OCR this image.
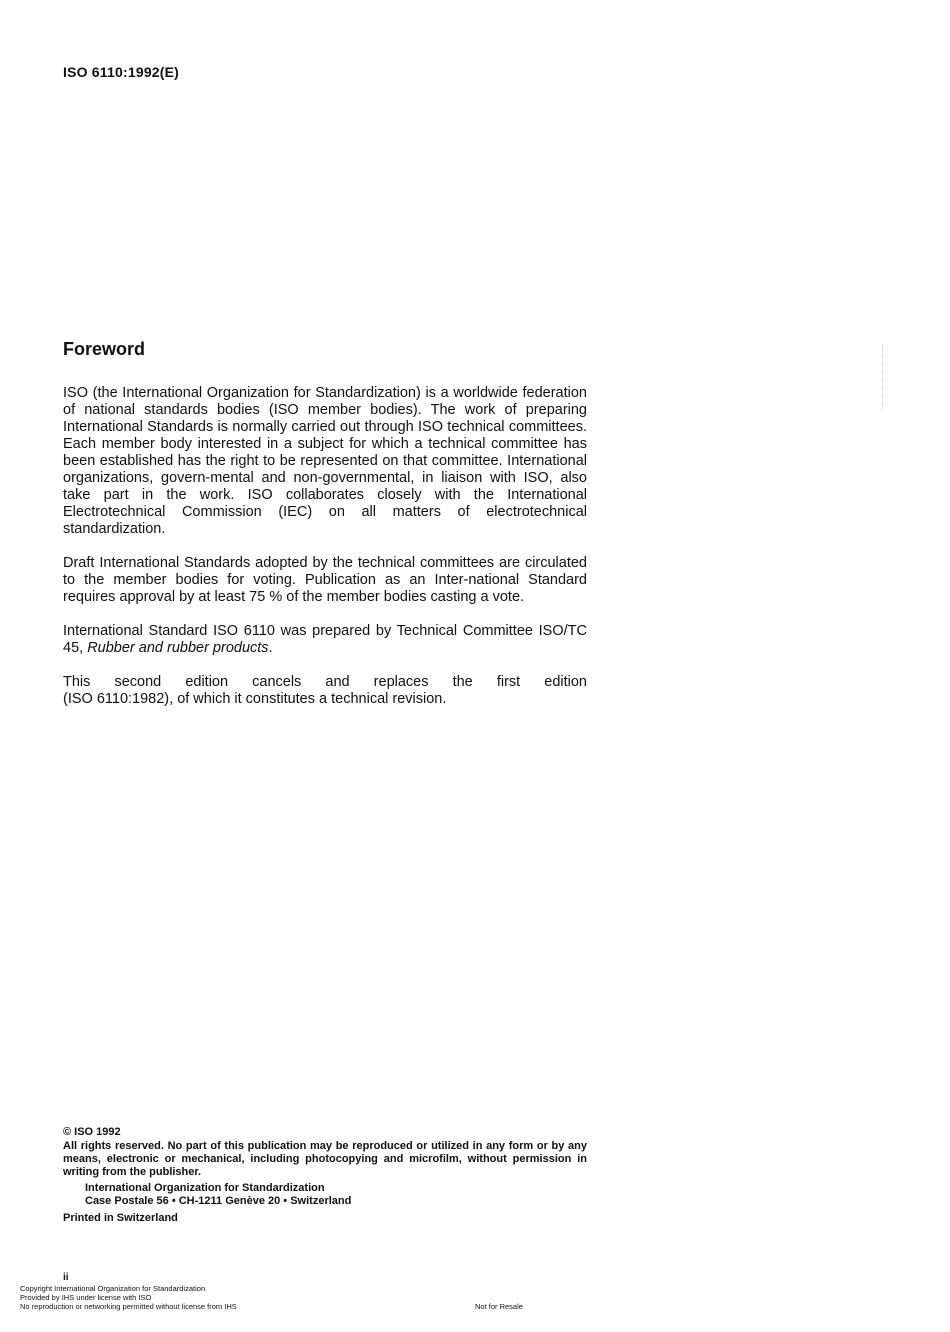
ISO 6110:1992(E)
Foreword

ISO (the International Organization for Standardization) is a worldwide federation of national standards bodies (ISO member bodies). The work of preparing International Standards is normally carried out through ISO technical committees. Each member body interested in a subject for which a technical committee has been established has the right to be represented on that committee. International organizations, govern-mental and non-governmental, in liaison with ISO, also take part in the work. ISO collaborates closely with the International Electrotechnical Commission (IEC) on all matters of electrotechnical standardization.

Draft International Standards adopted by the technical committees are circulated to the member bodies for voting. Publication as an Inter-national Standard requires approval by at least 75 % of the member bodies casting a vote.

International Standard ISO 6110 was prepared by Technical Committee ISO/TC 45, Rubber and rubber products.

This second edition cancels and replaces the first edition
(ISO 6110:1982), of which it constitutes a technical revision.

© ISO 1992
All rights reserved. No part of this publication may be reproduced or utilized in any form or by any means, electronic or mechanical, including photocopying and microfilm, without permission in writing from the publisher.
International Organization for Standardization
Case Postale 56 • CH-1211 Genève 20 • Switzerland
Printed in Switzerland
ii
Copyright International Organization for Standardization
Provided by IHS under license with ISO
No reproduction or networking permitted without license from IHS	Not for Resale
